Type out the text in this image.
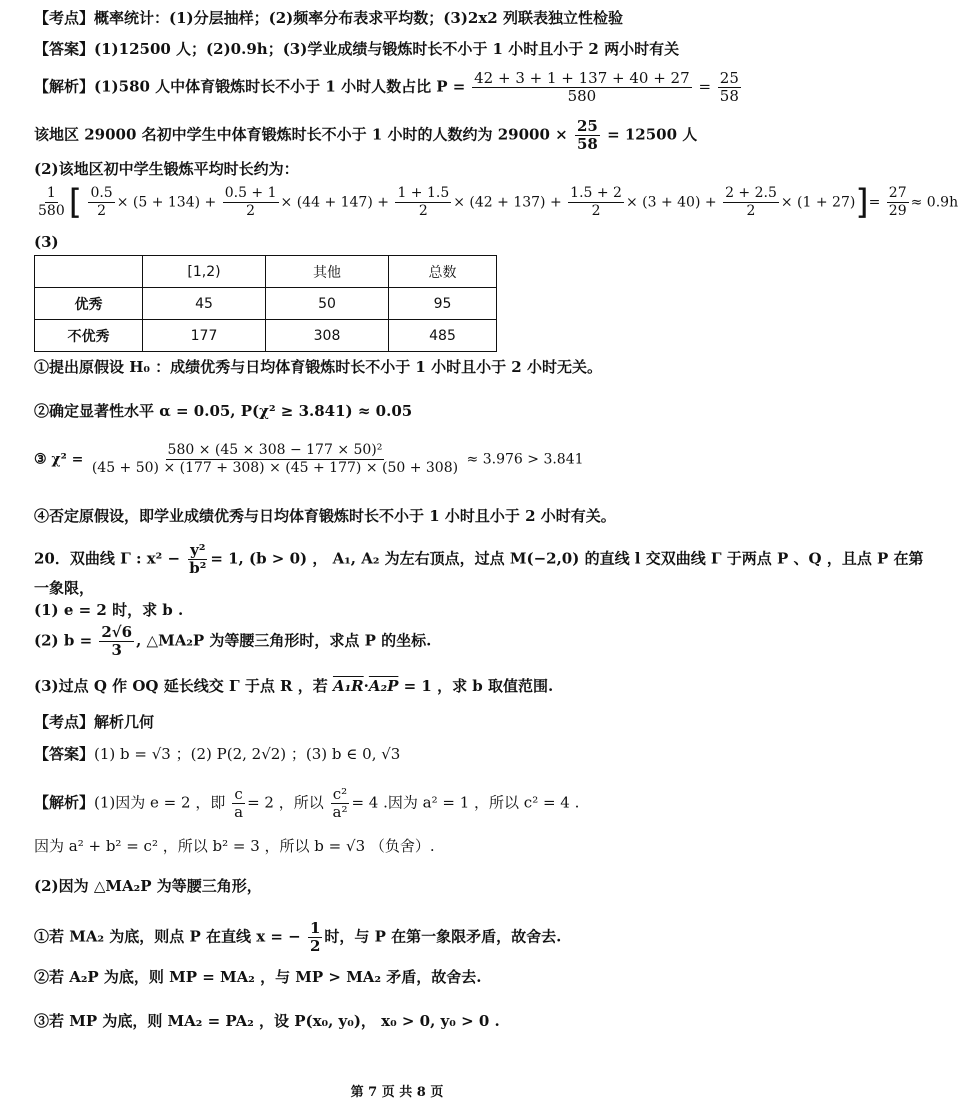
【考点】概率统计：(1)分层抽样；(2)频率分布表求平均数；(3)2x2 列联表独立性检验
【答案】(1)12500 人；(2)0.9h；(3)学业成绩与锻炼时长不小于 1 小时且小于 2 两小时有关
【解析】(1)580 人中体育锻炼时长不小于 1 小时人数占比 $P = \frac{42 + 3 + 1 + 137 + 40 + 27}{580} = \frac{25}{58}$
该地区 29000 名初中学生中体育锻炼时长不小于 1 小时的人数约为 $29000 \times \frac{25}{58} = 12500$ 人
(2)该地区初中学生锻炼平均时长约为：
$\frac{1}{580}$ [ $\frac{0.5}{2} \times (5 + 134) + \frac{0.5 + 1}{2} \times (44 + 147) + \frac{1 + 1.5}{2} \times (42 + 137) + \frac{1.5 + 2}{2} \times (3 + 40) + \frac{2 + 2.5}{2} \times (1 + 27)]= \frac{27}{29} \approx 0.9h$
(3)
	[1,2)	其他	总数
优秀	45	50	95
不优秀	177	308	485
①提出原假设 H₀ ：成绩优秀与日均体育锻炼时长不小于 1 小时且小于 2 小时无关。
②确定显著性水平 α = 0.05, P(χ² ≥ 3.841) ≈ 0.05
③ $\chi^2 = \frac{\text{580 × (45 × 308 − 177 × 50)²}}{(45 + 50) \times (177 + 308) \times (45 + 177) \times (50 + 308)} \approx 3.976 > 3.841$
④否定原假设，即学业成绩优秀与日均体育锻炼时长不小于 1 小时且小于 2 小时有关。
20．双曲线 Γ : $x^2 - \frac{\text{y²}}{\text{b²}} = 1$, (b > 0) ， A₁, A₂ 为左右顶点，过点 M(−2,0) 的直线 l 交双曲线 Γ 于两点 P 、Q ，且点 P 在第
一象限，
(1) e = 2 时，求 b .
(2) $b = \frac{2√6}{3}$ , △MA₂P 为等腰三角形时，求点 P 的坐标.
(3)过点 Q 作 OQ 延长线交 Γ 于点 R ，若 A₁R·A₂P = 1 ，求 b 取值范围.
【考点】解析几何
【答案】(1) b = √3 ；(2) P(2, 2√2) ；(3) b ∈ 0, √3
【解析】(1)因为 e = 2 ，即 $\frac{c}{a} = 2$ ，所以 $\frac{\text{c²}}{\text{a²}} = 4$ .因为 a² = 1 ，所以 c² = 4 .
因为 a² + b² = c² ，所以 b² = 3 ，所以 b = √3 （负舍）.
(2)因为 △MA₂P 为等腰三角形，
①若 MA₂ 为底，则点 P 在直线 x = − $\frac{1}{2}$ 时，与 P 在第一象限矛盾，故舍去.
②若 A₂P 为底，则 MP = MA₂ ，与 MP > MA₂ 矛盾，故舍去.
③若 MP 为底，则 MA₂ = PA₂ ，设 P(x₀, y₀)， x₀ > 0, y₀ > 0 .
第 7 页 共 8 页
